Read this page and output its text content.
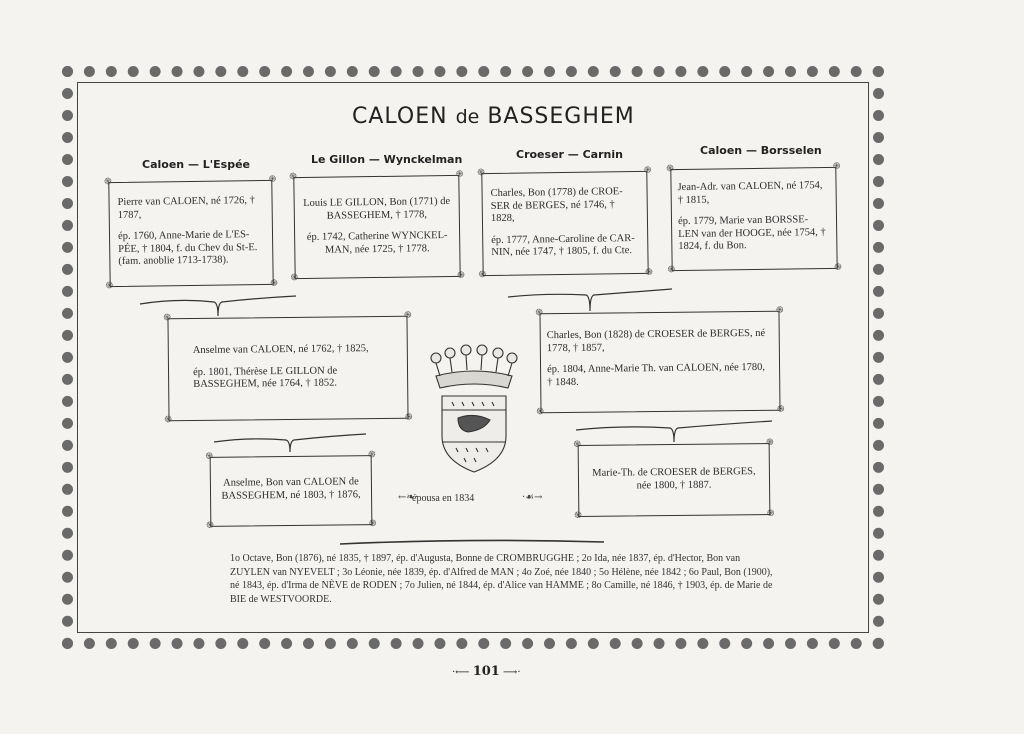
CALOEN de BASSEGHEM
Caloen — L'Espée	Le Gillon — Wynckelman	Croeser — Carnin	Caloen — Borsselen
֍	֍
֍	֍

Pierre van CALOEN, né 1726, † 1787,

ép. 1760, Anne-Marie de L'ES-PÉE, † 1804, f. du Chev du St-E. (fam. anoblie 1713-1738).

֍	֍
֍	֍

Louis LE GILLON, Bon (1771) de BASSEGHEM, † 1778,

ép. 1742, Catherine WYNCKEL-MAN, née 1725, † 1778.

֍	֍
֍	֍

Charles, Bon (1778) de CROE-SER de BERGES, né 1746, † 1828,

ép. 1777, Anne-Caroline de CAR-NIN, née 1747, † 1805, f. du Cte.

֍	֍
֍	֍

Jean-Adr. van CALOEN, né 1754, † 1815,

ép. 1779, Marie van BORSSE-LEN van der HOOGE, née 1754, † 1824, f. du Bon.

֍	֍
֍	֍

Anselme van CALOEN, né 1762, † 1825,

ép. 1801, Thérèse LE GILLON de BASSEGHEM, née 1764, † 1852.

֍	֍
֍	֍

Charles, Bon (1828) de CROESER de BERGES, né 1778, † 1857,

ép. 1804, Anne-Marie Th. van CALOEN, née 1780, † 1848.

֍	֍
֍	֍

Anselme, Bon van CALOEN de BASSEGHEM, né 1803, † 1876,

֍	֍
֍	֍

Marie-Th. de CROESER de BERGES, née 1800, † 1887.

←❧·
épousa en 1834	·☙→
1o Octave, Bon (1876), né 1835, † 1897, ép. d'Augusta, Bonne de CROMBRUGGHE ; 2o Ida, née 1837, ép. d'Hector, Bon van ZUYLEN van NYEVELT ; 3o Léonie, née 1839, ép. d'Alfred de MAN ; 4o Zoé, née 1840 ; 5o Hélène, née 1842 ; 6o Paul, Bon (1900), né 1843, ép. d'Irma de NÈVE de RODEN ; 7o Julien, né 1844, ép. d'Alice van HAMME ; 8o Camille, né 1846, † 1903, ép. de Marie de BIE de WESTVOORDE.
·⟵ 101 ⟶·
